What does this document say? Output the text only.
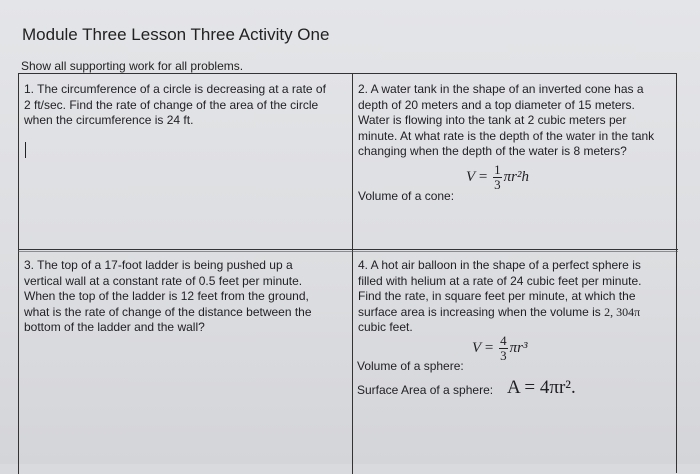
Module Three Lesson Three Activity One
Show all supporting work for all problems.
1. The circumference of a circle is decreasing at a rate of
2 ft/sec. Find the rate of change of the area of the circle
when the circumference is 24 ft.
2. A water tank in the shape of an inverted cone has a
depth of 20 meters and a top diameter of 15 meters.
Water is flowing into the tank at 2 cubic meters per
minute. At what rate is the depth of the water in the tank
changing when the depth of the water is 8 meters?
Volume of a cone:
$V = \frac{1}{3} \pi r^2h$
3. The top of a 17-foot ladder is being pushed up a
vertical wall at a constant rate of 0.5 feet per minute.
When the top of the ladder is 12 feet from the ground,
what is the rate of change of the distance between the
bottom of the ladder and the wall?
4. A hot air balloon in the shape of a perfect sphere is
filled with helium at a rate of 24 cubic feet per minute.
Find the rate, in square feet per minute, at which the
surface area is increasing when the volume is 2, 304π
cubic feet.
$V = \frac{4}{3} \pi r^3$
Volume of a sphere:
Surface Area of a sphere: A = 4πr².
